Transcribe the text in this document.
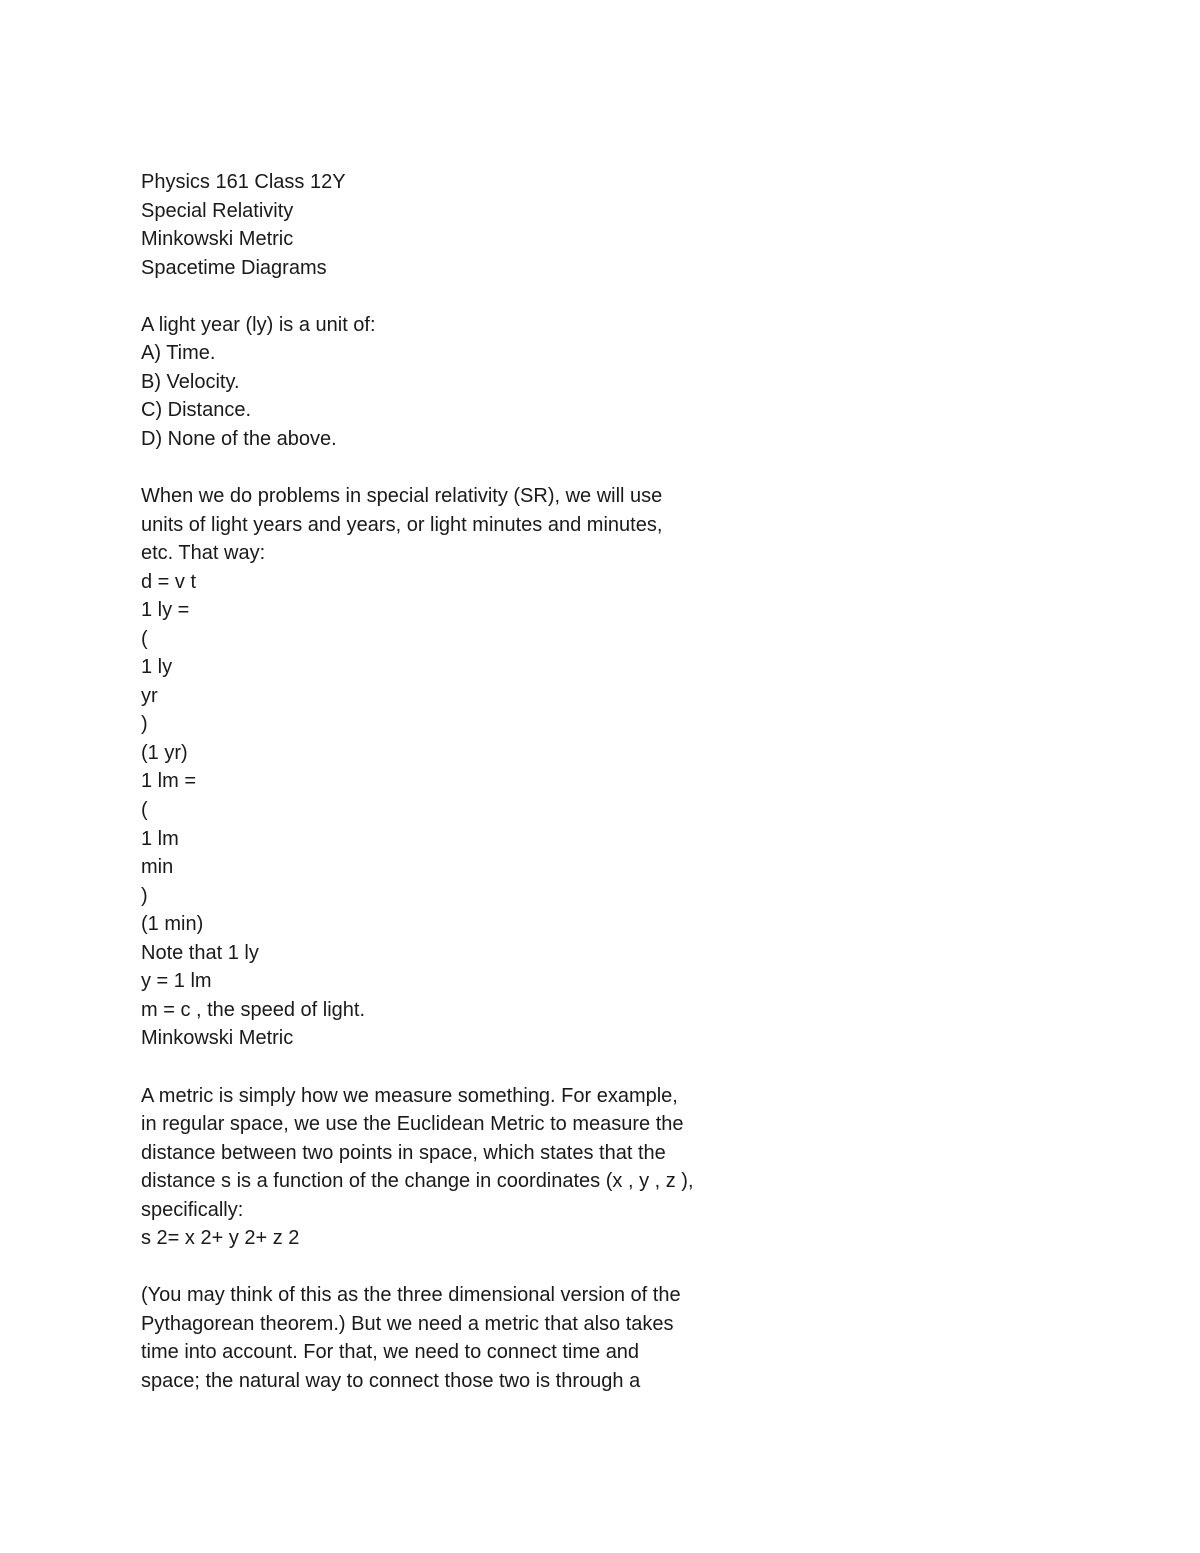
Physics 161 Class 12Y
Special Relativity
Minkowski Metric
Spacetime Diagrams
A light year (ly) is a unit of:
A) Time.
B) Velocity.
C) Distance.
D) None of the above.
When we do problems in special relativity (SR), we will use
units of light years and years, or light minutes and minutes,
etc. That way:
d = v t
1 ly =
(
1 ly
yr
)
(1 yr)
1 lm =
(
1 lm
min
)
(1 min)
Note that 1 ly
y = 1 lm
m = c , the speed of light.
Minkowski Metric
A metric is simply how we measure something. For example,
in regular space, we use the Euclidean Metric to measure the
distance between two points in space, which states that the
distance s is a function of the change in coordinates (x , y , z ),
specifically:
s 2= x 2+ y 2+ z 2
(You may think of this as the three dimensional version of the
Pythagorean theorem.) But we need a metric that also takes
time into account. For that, we need to connect time and
space; the natural way to connect those two is through a
